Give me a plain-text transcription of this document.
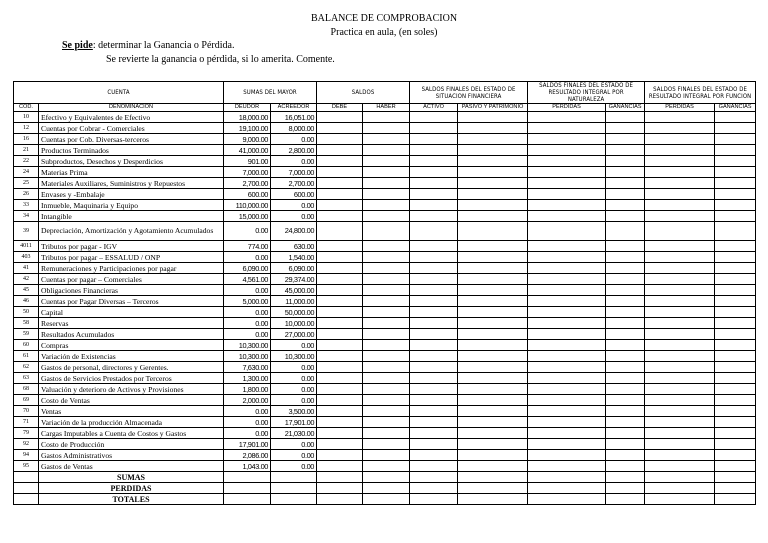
BALANCE DE COMPROBACION
Practica en aula, (en soles)
Se pide: determinar la Ganancia o Pérdida.
Se revierte la ganancia o pérdida, si lo amerita. Comente.
CUENTA		SUMAS DEL MAYOR		SALDOS		SALDOS FINALES DEL ESTADO DE SITUACION FINANCIERA		SALDOS FINALES DEL ESTADO DE RESULTADO INTEGRAL POR NATURALEZA		SALDOS FINALES DEL ESTADO DE RESULTADO INTEGRAL POR FUNCION	
COD.	DENOMINACION	DEUDOR	ACREEDOR	DEBE	HABER	ACTIVO	PASIVO Y PATRIMONIO	PERDIDAS	GANANCIAS	PERDIDAS	GANANCIAS
10	Efectivo y Equivalentes de Efectivo	18,000.00	16,051.00								
12	Cuentas por Cobrar - Comerciales	19,100.00	8,000.00								
16	Cuentas por Cob. Diversas-terceros	9,000.00	0.00								
21	Productos Terminados	41,000.00	2,800.00								
22	Subproductos, Desechos y Desperdicios	901.00	0.00								
24	Materias Prima	7,000.00	7,000.00								
25	Materiales Auxiliares, Suministros y Repuestos	2,700.00	2,700.00								
26	Envases y -Embalaje	600.00	600.00								
33	Inmueble, Maquinaria y Equipo	110,000.00	0.00								
34	Intangible	15,000.00	0.00								
39	Depreciación, Amortización y Agotamiento Acumulados	0.00	24,800.00								
4011	Tributos por pagar - IGV	774.00	630.00								
403	Tributos por pagar – ESSALUD / ONP	0.00	1,540.00								
41	Remuneraciones y Participaciones por pagar	6,090.00	6,090.00								
42	Cuentas por pagar – Comerciales	4,561.00	29,374.00								
45	Obligaciones Financieras	0.00	45,000.00								
46	Cuentas por Pagar Diversas – Terceros	5,000.00	11,000.00								
50	Capital	0.00	50,000.00								
58	Reservas	0.00	10,000.00								
59	Resultados Acumulados	0.00	27,000.00								
60	Compras	10,300.00	0.00								
61	Variación de Existencias	10,300.00	10,300.00								
62	Gastos de personal, directores y Gerentes.	7,630.00	0.00								
63	Gastos de Servicios Prestados por Terceros	1,300.00	0.00								
68	Valuación y deterioro de Activos y Provisiones	1,800.00	0.00								
69	Costo de Ventas	2,000.00	0.00								
70	Ventas	0.00	3,500.00								
71	Variación de la producción Almacenada	0.00	17,901.00								
79	Cargas Imputables a Cuenta de Costos y Gastos	0.00	21,030.00								
92	Costo de Producción	17,901.00	0.00								
94	Gastos Administrativos	2,086.00	0.00								
95	Gastos de Ventas	1,043.00	0.00								
	SUMAS										
	PERDIDAS										
	TOTALES										
